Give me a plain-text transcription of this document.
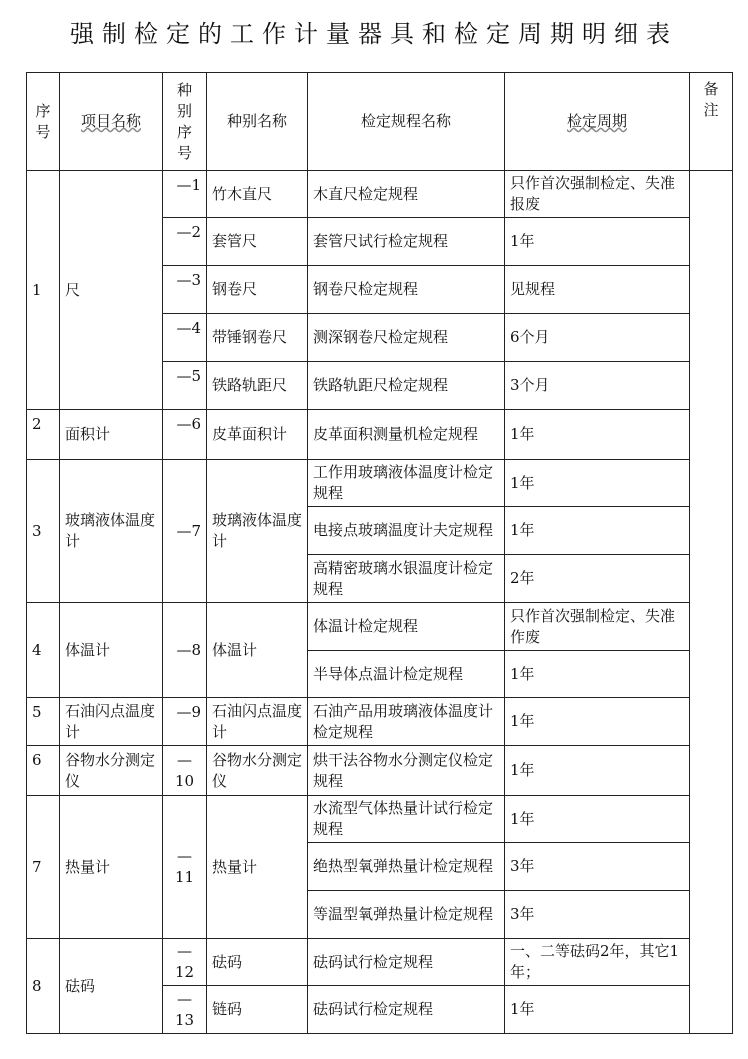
强制检定的工作计量器具和检定周期明细表
序号	项目名称	种别序号	种别名称	检定规程名称	检定周期	备注
1	尺	—1	竹木直尺	木直尺检定规程	只作首次强制检定、失准报废	
		—2	套管尺	套管尺试行检定规程	1年	
		—3	钢卷尺	钢卷尺检定规程	见规程	
		—4	带锤钢卷尺	测深钢卷尺检定规程	6个月	
		—5	铁路轨距尺	铁路轨距尺检定规程	3个月	
2	面积计	—6	皮革面积计	皮革面积测量机检定规程	1年	
3	玻璃液体温度计	—7	玻璃液体温度计	工作用玻璃液体温度计检定规程	1年	
				电接点玻璃温度计夫定规程	1年	
				高精密玻璃水银温度计检定规程	2年	
4	体温计	—8	体温计	体温计检定规程	只作首次强制检定、失准作废	
				半导体点温计检定规程	1年	
5	石油闪点温度计	—9	石油闪点温度计	石油产品用玻璃液体温度计检定规程	1年	
6	谷物水分测定仪	—10	谷物水分测定仪	烘干法谷物水分测定仪检定规程	1年	
7	热量计	—11	热量计	水流型气体热量计试行检定规程	1年	
				绝热型氧弹热量计检定规程	3年	
				等温型氧弹热量计检定规程	3年	
8	砝码	—12	砝码	砝码试行检定规程	一、二等砝码2年，其它1年；	
		—13	链码	砝码试行检定规程	1年	
